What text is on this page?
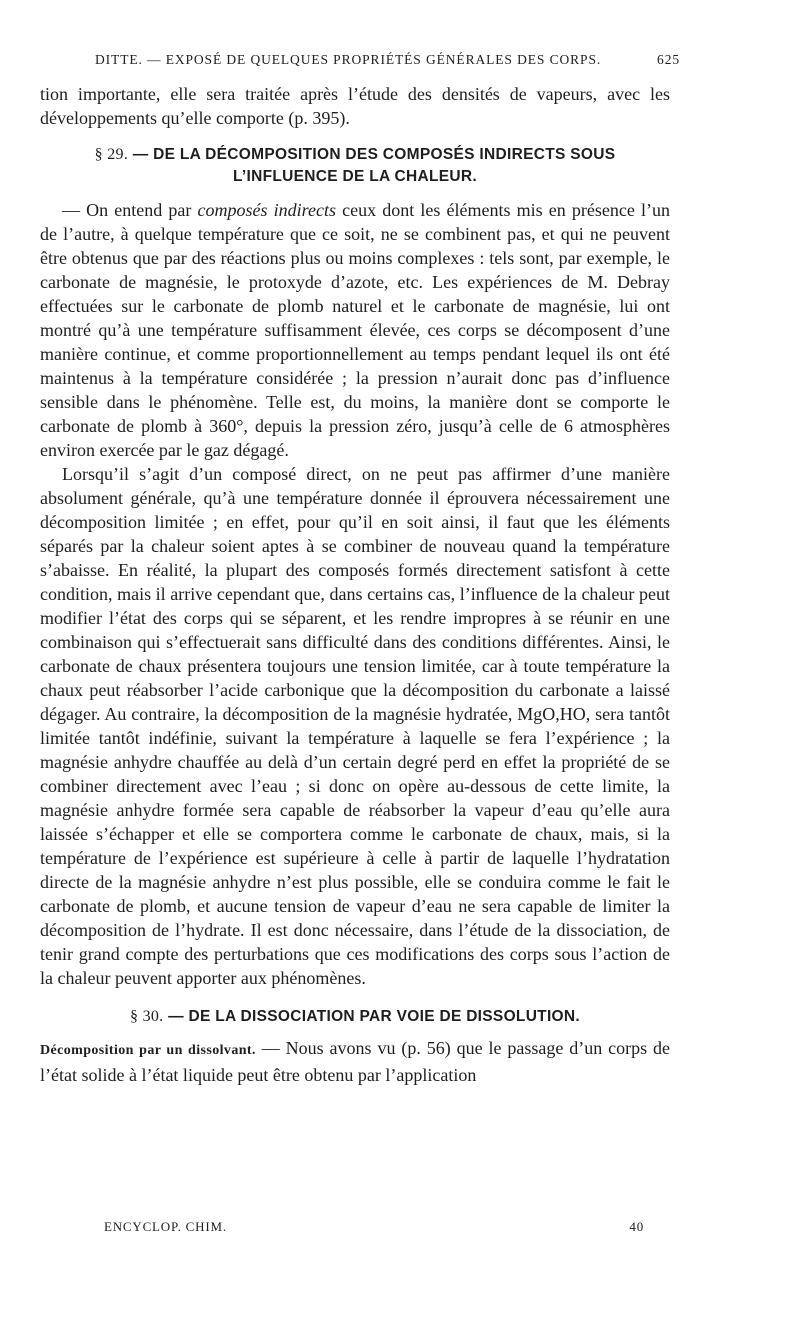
DITTE. — EXPOSÉ DE QUELQUES PROPRIÉTÉS GÉNÉRALES DES CORPS.	625

tion importante, elle sera traitée après l’étude des densités de vapeurs, avec les développements qu’elle comporte (p. 395).

§ 29. — DE LA DÉCOMPOSITION DES COMPOSÉS INDIRECTS SOUS L’INFLUENCE DE LA CHALEUR.

— On entend par composés indirects ceux dont les éléments mis en présence l’un de l’autre, à quelque température que ce soit, ne se combinent pas, et qui ne peuvent être obtenus que par des réactions plus ou moins complexes : tels sont, par exemple, le carbonate de magnésie, le protoxyde d’azote, etc. Les expériences de M. Debray effectuées sur le carbonate de plomb naturel et le carbonate de magnésie, lui ont montré qu’à une température suffisamment élevée, ces corps se décomposent d’une manière continue, et comme proportionnellement au temps pendant lequel ils ont été maintenus à la température considérée ; la pression n’aurait donc pas d’influence sensible dans le phénomène. Telle est, du moins, la manière dont se comporte le carbonate de plomb à 360°, depuis la pression zéro, jusqu’à celle de 6 atmosphères environ exercée par le gaz dégagé.

Lorsqu’il s’agit d’un composé direct, on ne peut pas affirmer d’une manière absolument générale, qu’à une température donnée il éprouvera nécessairement une décomposition limitée ; en effet, pour qu’il en soit ainsi, il faut que les éléments séparés par la chaleur soient aptes à se combiner de nouveau quand la température s’abaisse. En réalité, la plupart des composés formés directement satisfont à cette condition, mais il arrive cependant que, dans certains cas, l’influence de la chaleur peut modifier l’état des corps qui se séparent, et les rendre impropres à se réunir en une combinaison qui s’effectuerait sans difficulté dans des conditions différentes. Ainsi, le carbonate de chaux présentera toujours une tension limitée, car à toute température la chaux peut réabsorber l’acide carbonique que la décomposition du carbonate a laissé dégager. Au contraire, la décomposition de la magnésie hydratée, MgO,HO, sera tantôt limitée tantôt indéfinie, suivant la température à laquelle se fera l’expérience ; la magnésie anhydre chauffée au delà d’un certain degré perd en effet la propriété de se combiner directement avec l’eau ; si donc on opère au-dessous de cette limite, la magnésie anhydre formée sera capable de réabsorber la vapeur d’eau qu’elle aura laissée s’échapper et elle se comportera comme le carbonate de chaux, mais, si la température de l’expérience est supérieure à celle à partir de laquelle l’hydratation directe de la magnésie anhydre n’est plus possible, elle se conduira comme le fait le carbonate de plomb, et aucune tension de vapeur d’eau ne sera capable de limiter la décomposition de l’hydrate. Il est donc nécessaire, dans l’étude de la dissociation, de tenir grand compte des perturbations que ces modifications des corps sous l’action de la chaleur peuvent apporter aux phénomènes.

§ 30. — DE LA DISSOCIATION PAR VOIE DE DISSOLUTION.

Décomposition par un dissolvant. — Nous avons vu (p. 56) que le passage d’un corps de l’état solide à l’état liquide peut être obtenu par l’application

ENCYCLOP. CHIM.	40
